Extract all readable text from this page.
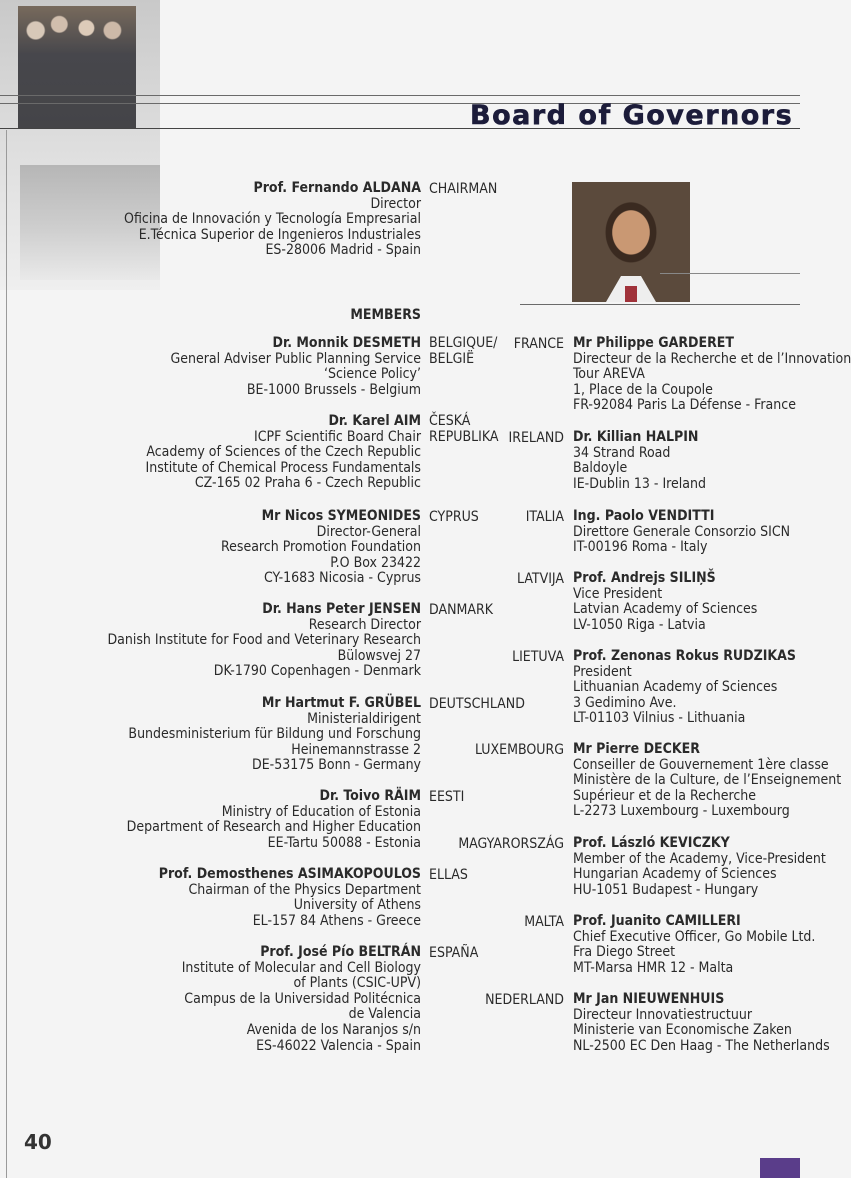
Board of Governors
Prof. Fernando ALDANA
Director
Oficina de Innovación y Tecnología Empresarial
E.Técnica Superior de Ingenieros Industriales
ES-28006 Madrid - Spain
CHAIRMAN
MEMBERS
Dr. Monnik DESMETH
General Adviser Public Planning Service
‘Science Policy’
BE-1000 Brussels - Belgium
BELGIQUE/
BELGIË
Dr. Karel AIM
ICPF Scientific Board Chair
Academy of Sciences of the Czech Republic
Institute of Chemical Process Fundamentals
CZ-165 02 Praha 6 - Czech Republic
ČESKÁ
REPUBLIKA
Mr Nicos SYMEONIDES
Director-General
Research Promotion Foundation
P.O Box 23422
CY-1683 Nicosia - Cyprus
CYPRUS
Dr. Hans Peter JENSEN
Research Director
Danish Institute for Food and Veterinary Research
Bülowsvej 27
DK-1790 Copenhagen - Denmark
DANMARK
Mr Hartmut F. GRÜBEL
Ministerialdirigent
Bundesministerium für Bildung und Forschung
Heinemannstrasse 2
DE-53175 Bonn - Germany
DEUTSCHLAND
Dr. Toivo RÄIM
Ministry of Education of Estonia
Department of Research and Higher Education
EE-Tartu 50088 - Estonia
EESTI
Prof. Demosthenes ASIMAKOPOULOS
Chairman of the Physics Department
University of Athens
EL-157 84 Athens - Greece
ELLAS
Prof. José Pío BELTRÁN
Institute of Molecular and Cell Biology
of Plants (CSIC-UPV)
Campus de la Universidad Politécnica
de Valencia
Avenida de los Naranjos s/n
ES-46022 Valencia - Spain
ESPAÑA
FRANCE Mr Philippe GARDERET
Directeur de la Recherche et de l’Innovation
Tour AREVA
1, Place de la Coupole
FR-92084 Paris La Défense - France
IRELAND Dr. Killian HALPIN
34 Strand Road
Baldoyle
IE-Dublin 13 - Ireland
ITALIA Ing. Paolo VENDITTI
Direttore Generale Consorzio SICN
IT-00196 Roma - Italy
LATVIJA Prof. Andrejs SILIŅŠ
Vice President
Latvian Academy of Sciences
LV-1050 Riga - Latvia
LIETUVA Prof. Zenonas Rokus RUDZIKAS
President
Lithuanian Academy of Sciences
3 Gedimino Ave.
LT-01103 Vilnius - Lithuania
LUXEMBOURG Mr Pierre DECKER
Conseiller de Gouvernement 1ère classe
Ministère de la Culture, de l’Enseignement
Supérieur et de la Recherche
L-2273 Luxembourg - Luxembourg
MAGYARORSZÁG Prof. László KEVICZKY
Member of the Academy, Vice-President
Hungarian Academy of Sciences
HU-1051 Budapest - Hungary
MALTA Prof. Juanito CAMILLERI
Chief Executive Officer, Go Mobile Ltd.
Fra Diego Street
MT-Marsa HMR 12 - Malta
NEDERLAND Mr Jan NIEUWENHUIS
Directeur Innovatiestructuur
Ministerie van Economische Zaken
NL-2500 EC Den Haag - The Netherlands
40
